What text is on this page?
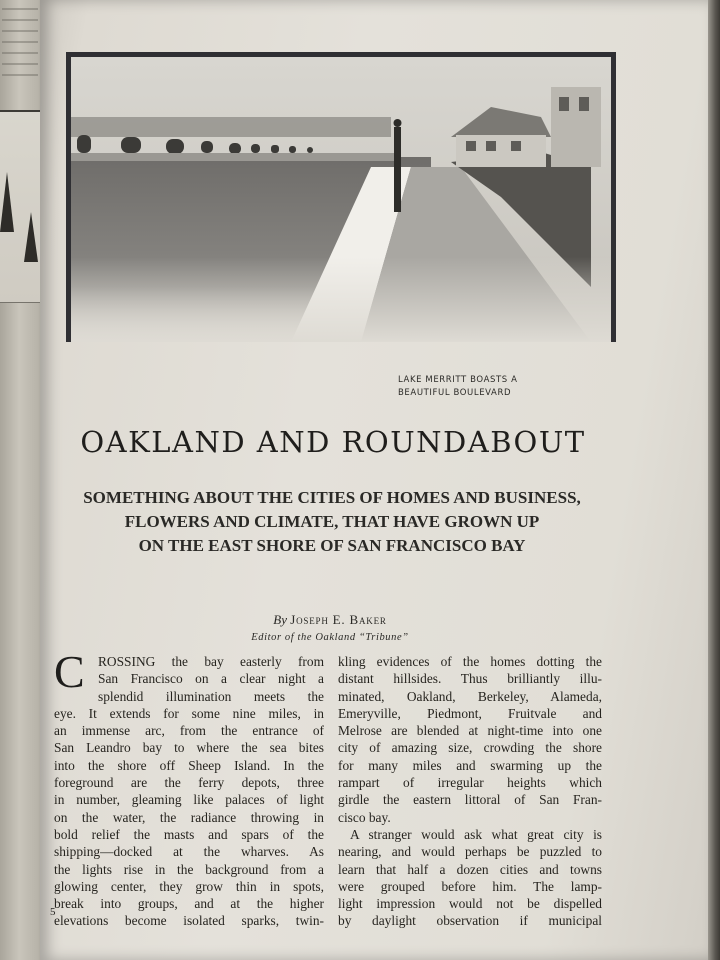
LAKE MERRITT BOASTS A
BEAUTIFUL BOULEVARD
OAKLAND AND ROUNDABOUT
SOMETHING ABOUT THE CITIES OF HOMES AND BUSINESS,
FLOWERS AND CLIMATE, THAT HAVE GROWN UP
ON THE EAST SHORE OF SAN FRANCISCO BAY
By Joseph E. Baker
Editor of the Oakland “Tribune”
C ROSSING the bay easterly from
San Francisco on a clear night a
splendid illumination meets the
eye. It extends for some nine miles, in
an immense arc, from the entrance of
San Leandro bay to where the sea bites
into the shore off Sheep Island. In the
foreground are the ferry depots, three
in number, gleaming like palaces of light
on the water, the radiance throwing in
bold relief the masts and spars of the
shipping—docked at the wharves. As
the lights rise in the background from a
glowing center, they grow thin in spots,
break into groups, and at the higher
elevations become isolated sparks, twin-
kling evidences of the homes dotting the
distant hillsides. Thus brilliantly illu-
minated, Oakland, Berkeley, Alameda,
Emeryville, Piedmont, Fruitvale and
Melrose are blended at night-time into one
city of amazing size, crowding the shore
for many miles and swarming up the
rampart of irregular heights which
girdle the eastern littoral of San Fran-
cisco bay.
A stranger would ask what great city is
nearing, and would perhaps be puzzled to
learn that half a dozen cities and towns
were grouped before him. The lamp-
light impression would not be dispelled
by daylight observation if municipal
5
